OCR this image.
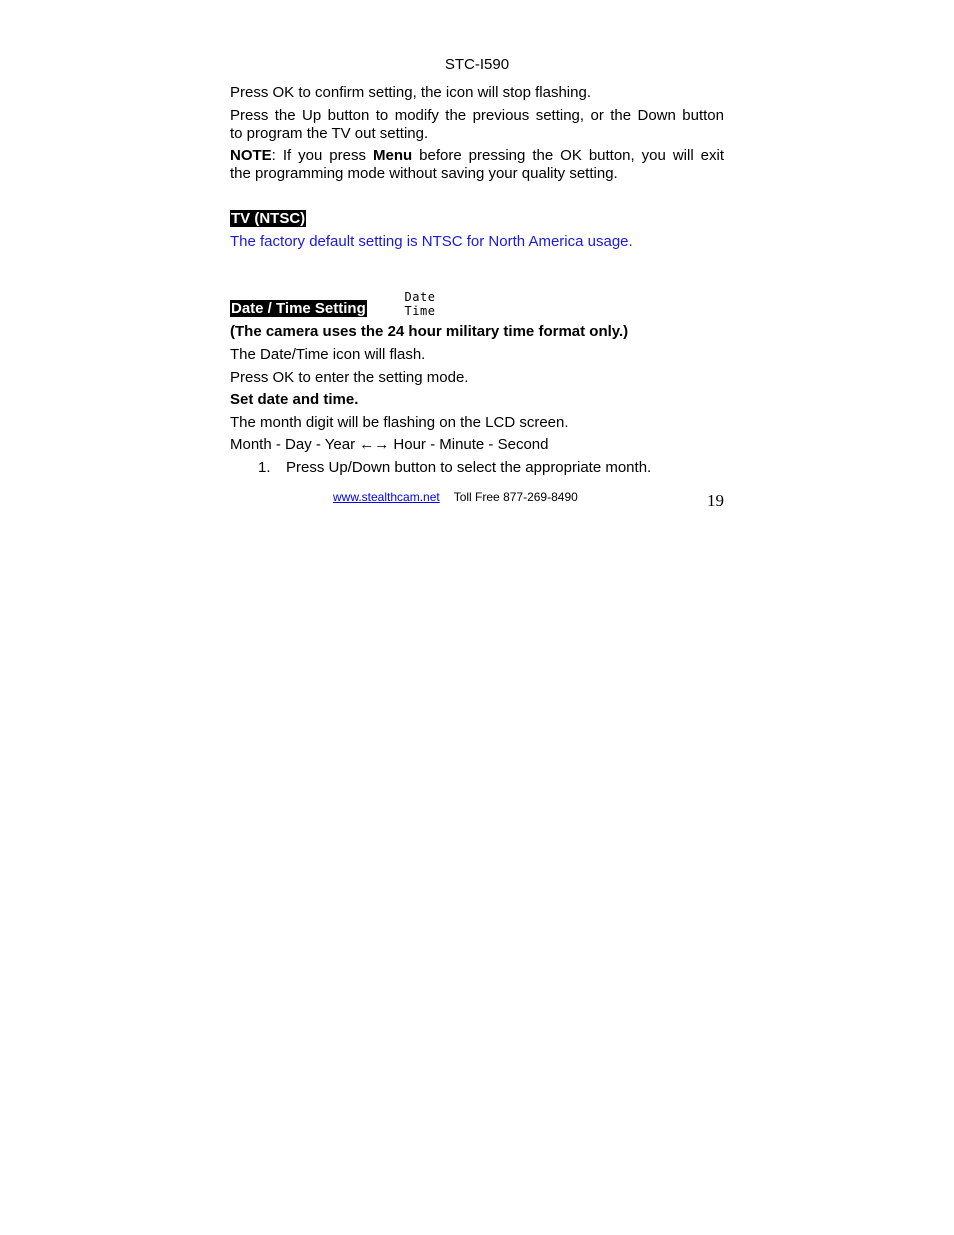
STC-I590
Press OK to confirm setting, the icon will stop flashing.
Press the Up button to modify the previous setting, or the Down button
to program the TV out setting.
NOTE: If you press Menu before pressing the OK button, you will exit
the programming mode without saving your quality setting.
TV (NTSC)
The factory default setting is NTSC for North America usage.
Date / Time Setting
Date
Time
(The camera uses the 24 hour military time format only.)
The Date/Time icon will flash.
Press OK to enter the setting mode.
Set date and time.
The month digit will be flashing on the LCD screen.
Month - Day - Year ←→ Hour - Minute - Second
1. Press Up/Down button to select the appropriate month.
www.stealthcam.net Toll Free 877-269-8490	19
